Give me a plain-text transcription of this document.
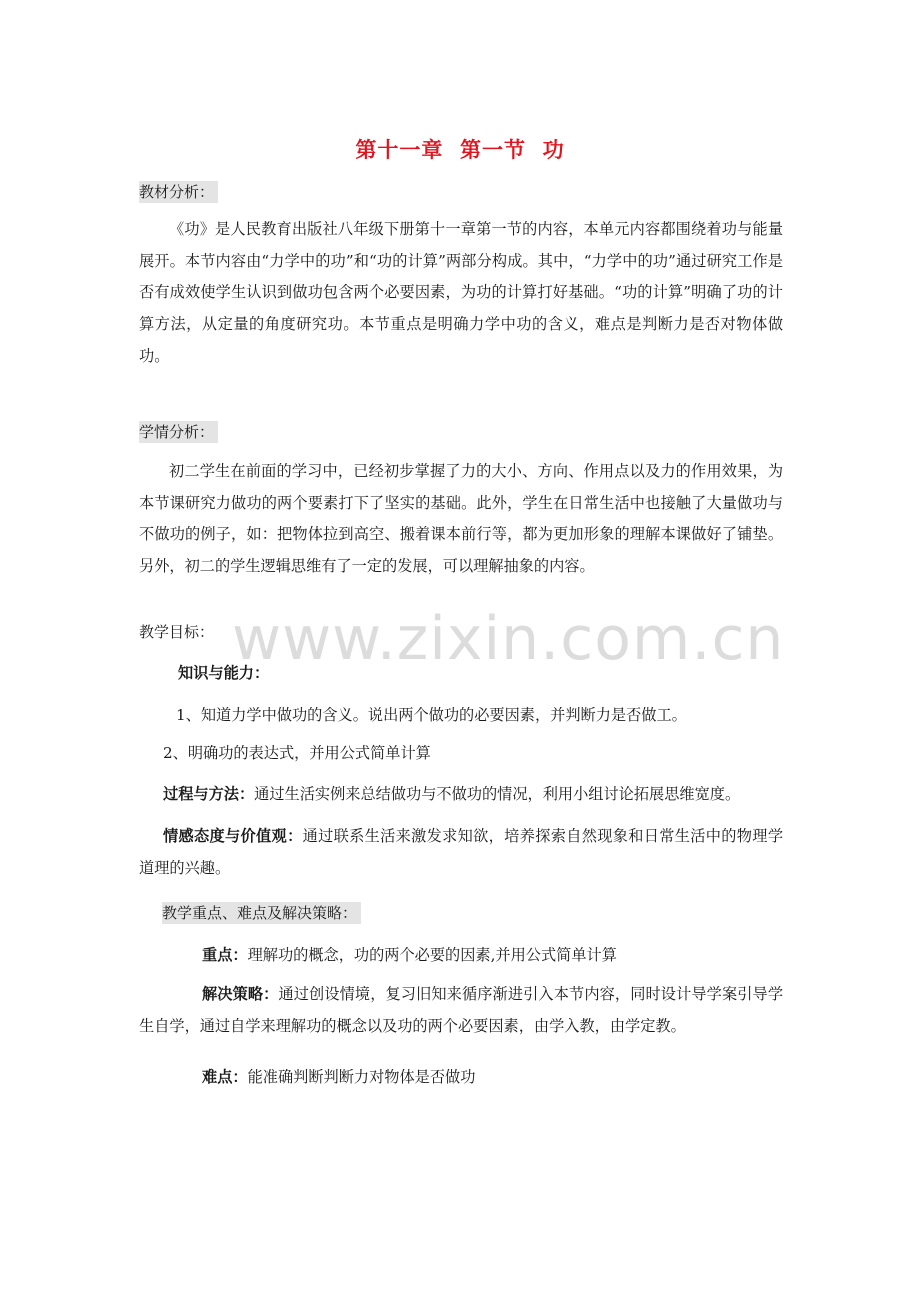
第十一章  第一节  功
教材分析：
《功》是人民教育出版社八年级下册第十一章第一节的内容，本单元内容都围绕着功与能量展开。本节内容由“力学中的功”和“功的计算”两部分构成。其中，“力学中的功”通过研究工作是否有成效使学生认识到做功包含两个必要因素，为功的计算打好基础。“功的计算”明确了功的计算方法，从定量的角度研究功。本节重点是明确力学中功的含义，难点是判断力是否对物体做功。
学情分析：
初二学生在前面的学习中，已经初步掌握了力的大小、方向、作用点以及力的作用效果，为本节课研究力做功的两个要素打下了坚实的基础。此外，学生在日常生活中也接触了大量做功与不做功的例子，如：把物体拉到高空、搬着课本前行等，都为更加形象的理解本课做好了铺垫。另外，初二的学生逻辑思维有了一定的发展，可以理解抽象的内容。
教学目标：
知识与能力：
1、知道力学中做功的含义。说出两个做功的必要因素，并判断力是否做工。
2、明确功的表达式，并用公式简单计算
过程与方法：通过生活实例来总结做功与不做功的情况，利用小组讨论拓展思维宽度。
情感态度与价值观：通过联系生活来激发求知欲，培养探索自然现象和日常生活中的物理学道理的兴趣。
教学重点、难点及解决策略：
重点：理解功的概念，功的两个必要的因素,并用公式简单计算
解决策略：通过创设情境，复习旧知来循序渐进引入本节内容，同时设计导学案引导学生自学，通过自学来理解功的概念以及功的两个必要因素，由学入教，由学定教。
难点：能准确判断判断力对物体是否做功
www.zixin.com.cn
